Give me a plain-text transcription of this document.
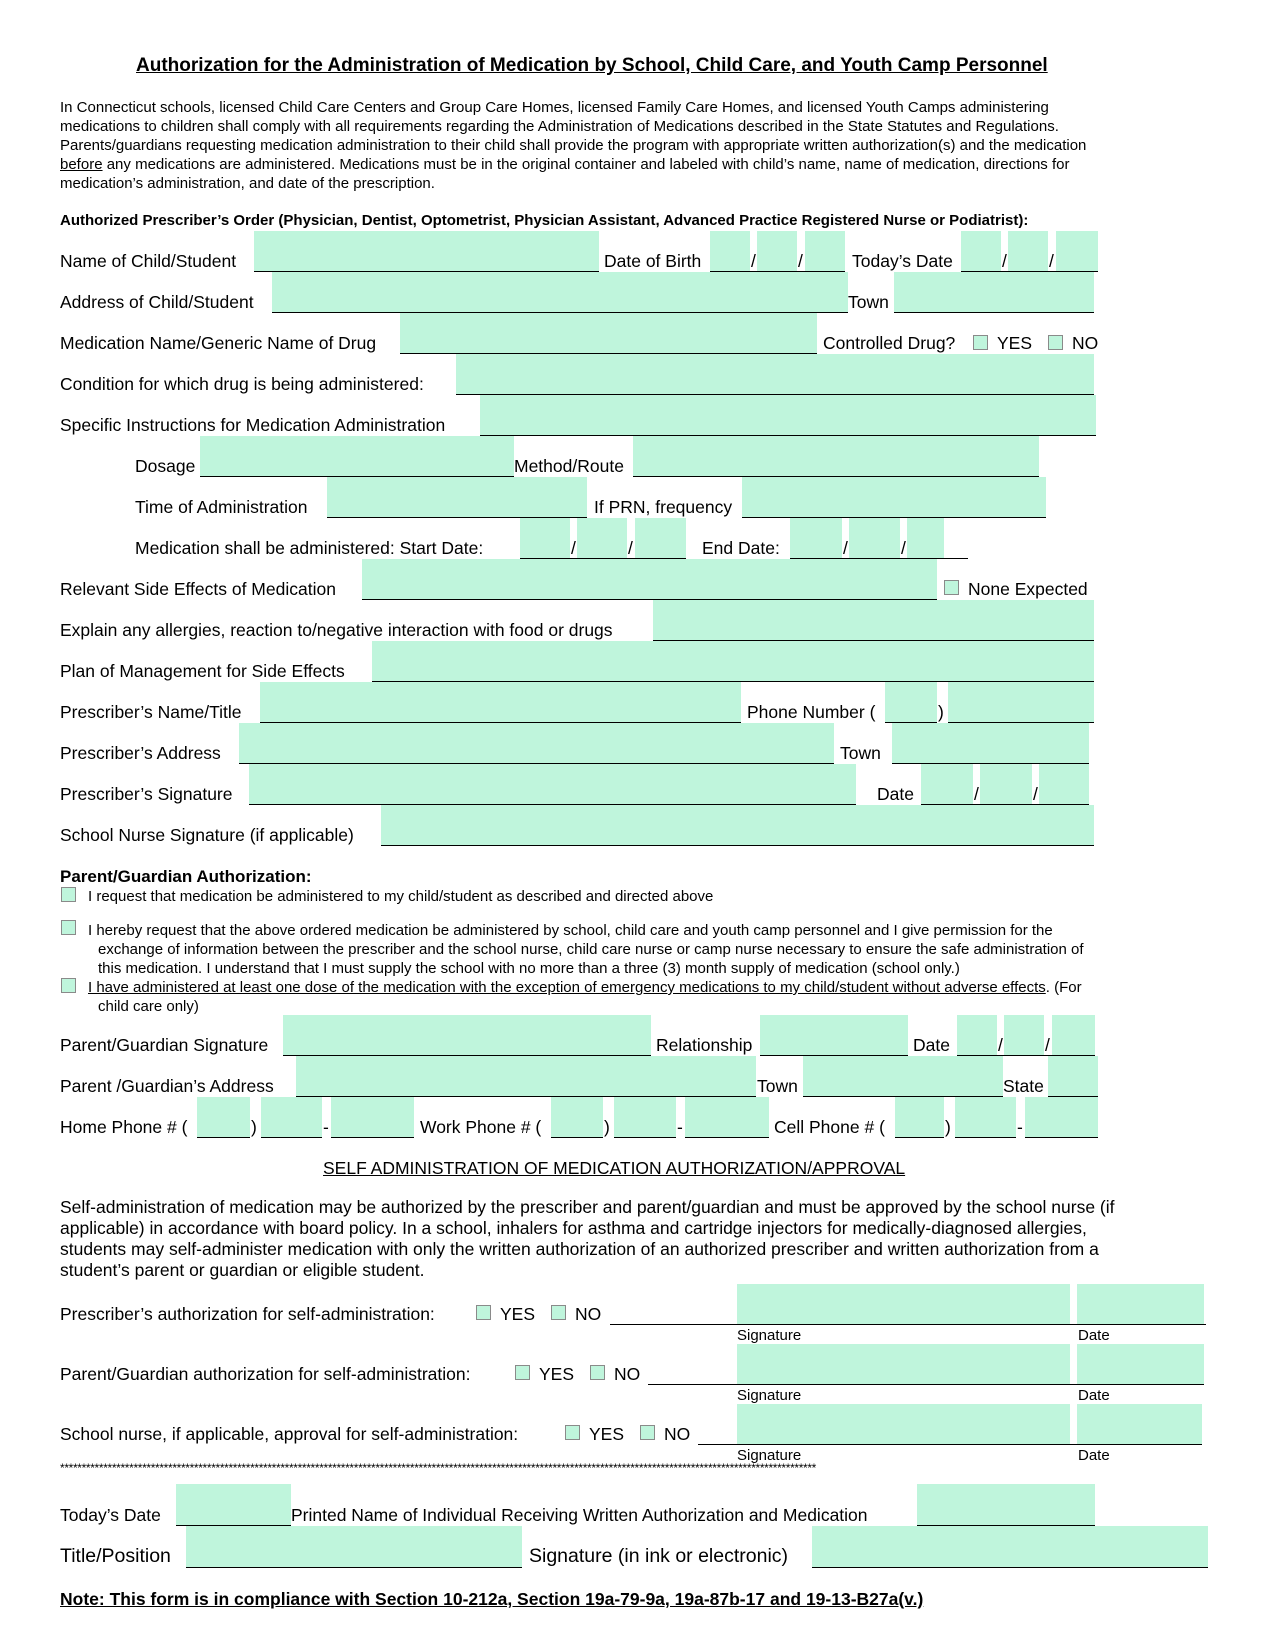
Authorization for the Administration of Medication by School, Child Care, and Youth Camp Personnel
In Connecticut schools, licensed Child Care Centers and Group Care Homes, licensed Family Care Homes, and licensed Youth Camps administering
medications to children shall comply with all requirements regarding the Administration of Medications described in the State Statutes and Regulations.
Parents/guardians requesting medication administration to their child shall provide the program with appropriate written authorization(s) and the medication
before any medications are administered. Medications must be in the original container and labeled with child’s name, name of medication, directions for
medication’s administration, and date of the prescription.
Authorized Prescriber’s Order (Physician, Dentist, Optometrist, Physician Assistant, Advanced Practice Registered Nurse or Podiatrist):
Name of Child/Student	Date of Birth	/ /	Today’s Date	/ /
Address of Child/Student	Town
Medication Name/Generic Name of Drug	Controlled Drug? YES NO
Condition for which drug is being administered:
Specific Instructions for Medication Administration
Dosage	Method/Route
Time of Administration	If PRN, frequency
Medication shall be administered: Start Date:	/	/	End Date:	/	/
Relevant Side Effects of Medication	None Expected
Explain any allergies, reaction to/negative interaction with food or drugs
Plan of Management for Side Effects
Prescriber’s Name/Title	Phone Number (	)
Prescriber’s Address	Town
Prescriber’s Signature	Date	/	/
School Nurse Signature (if applicable)
Parent/Guardian Authorization:
I request that medication be administered to my child/student as described and directed above
I hereby request that the above ordered medication be administered by school, child care and youth camp personnel and I give permission for the
exchange of information between the prescriber and the school nurse, child care nurse or camp nurse necessary to ensure the safe administration of
this medication. I understand that I must supply the school with no more than a three (3) month supply of medication (school only.)
I have administered at least one dose of the medication with the exception of emergency medications to my child/student without adverse effects. (For
child care only)
Parent/Guardian Signature	Relationship	Date	/ /
Parent /Guardian’s Address	Town	State
Home Phone # (	)	-	Work Phone # (	)	-	Cell Phone # (	)	-
SELF ADMINISTRATION OF MEDICATION AUTHORIZATION/APPROVAL
Self-administration of medication may be authorized by the prescriber and parent/guardian and must be approved by the school nurse (if
applicable) in accordance with board policy. In a school, inhalers for asthma and cartridge injectors for medically-diagnosed allergies,
students may self-administer medication with only the written authorization of an authorized prescriber and written authorization from a
student’s parent or guardian or eligible student.
Prescriber’s authorization for self-administration:	YES NO
Signature	Date
Parent/Guardian authorization for self-administration:	YES NO
Signature	Date
School nurse, if applicable, approval for self-administration:	YES NO
Signature	Date
*******************************************************************************************************************************************************************************
Today’s Date	Printed Name of Individual Receiving Written Authorization and Medication
Title/Position	Signature (in ink or electronic)
Note: This form is in compliance with Section 10-212a, Section 19a-79-9a, 19a-87b-17 and 19-13-B27a(v.)
